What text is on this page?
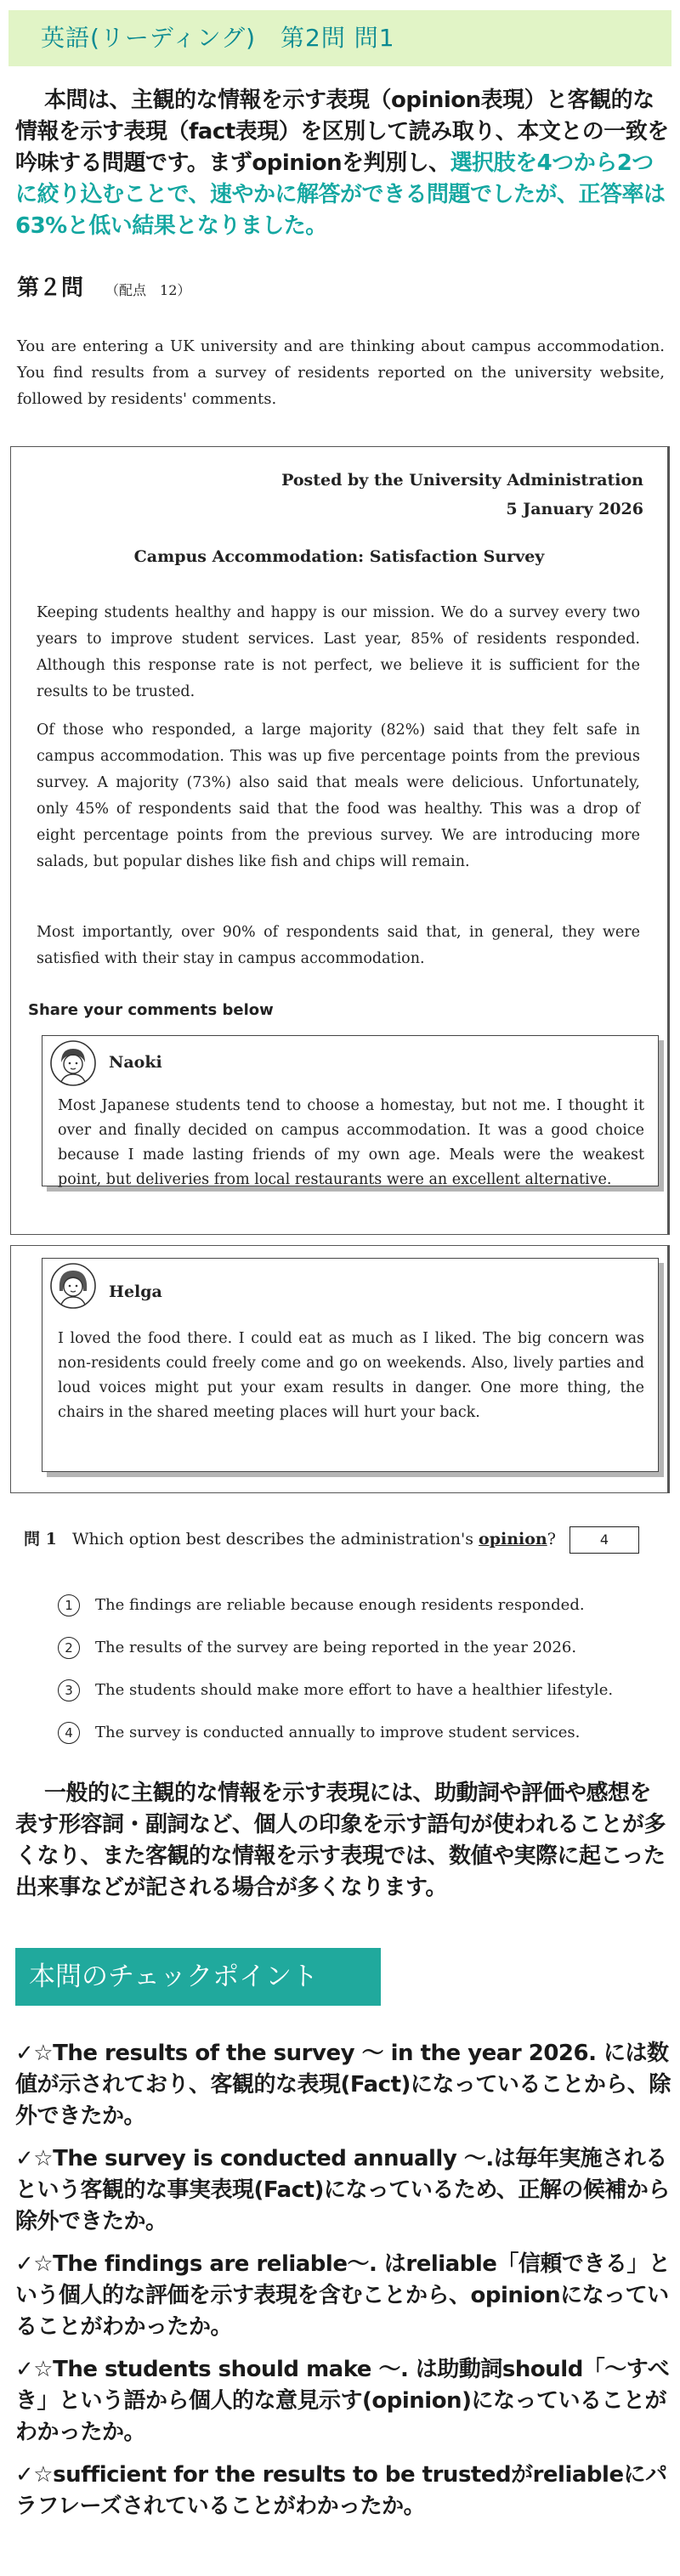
英語(リーディング)　第2問 問1

本問は、主観的な情報を示す表現（opinion表現）と客観的な情報を示す表現（fact表現）を区別して読み取り、本文との一致を吟味する問題です。まずopinionを判別し、選択肢を4つから2つに絞り込むことで、速やかに解答ができる問題でしたが、正答率は63%と低い結果となりました。

第２問 （配点　12）
You are entering a UK university and are thinking about campus accommodation. You find results from a survey of residents reported on the university website, followed by residents' comments.
Posted by the University Administration
5 January 2026
Campus Accommodation: Satisfaction Survey
Keeping students healthy and happy is our mission. We do a survey every two years to improve student services. Last year, 85% of residents responded. Although this response rate is not perfect, we believe it is sufficient for the results to be trusted.
Of those who responded, a large majority (82%) said that they felt safe in campus accommodation. This was up five percentage points from the previous survey. A majority (73%) also said that meals were delicious. Unfortunately, only 45% of respondents said that the food was healthy. This was a drop of eight percentage points from the previous survey. We are introducing more salads, but popular dishes like fish and chips will remain.
Most importantly, over 90% of respondents said that, in general, they were satisfied with their stay in campus accommodation.
Share your comments below
Naoki
Most Japanese students tend to choose a homestay, but not me. I thought it over and finally decided on campus accommodation. It was a good choice because I made lasting friends of my own age. Meals were the weakest point, but deliveries from local restaurants were an excellent alternative.
Helga
I loved the food there. I could eat as much as I liked. The big concern was non-residents could freely come and go on weekends. Also, lively parties and loud voices might put your exam results in danger. One more thing, the chairs in the shared meeting places will hurt your back.
問 1 Which option best describes the administration's opinion?	4
1 The findings are reliable because enough residents responded.
2 The results of the survey are being reported in the year 2026.
3 The students should make more effort to have a healthier lifestyle.
4 The survey is conducted annually to improve student services.

一般的に主観的な情報を示す表現には、助動詞や評価や感想を表す形容詞・副詞など、個人の印象を示す語句が使われることが多くなり、また客観的な情報を示す表現では、数値や実際に起こった出来事などが記される場合が多くなります。

本問のチェックポイント

✓☆The results of the survey ～ in the year 2026. には数値が示されており、客観的な表現(Fact)になっていることから、除外できたか。

✓☆The survey is conducted annually ～.は毎年実施されるという客観的な事実表現(Fact)になっているため、正解の候補から除外できたか。

✓☆The findings are reliable～. はreliable「信頼できる」という個人的な評価を示す表現を含むことから、opinionになっていることがわかったか。

✓☆The students should make ～. は助動詞should「～すべき」という語から個人的な意見示す(opinion)になっていることがわかったか。

✓☆sufficient for the results to be trustedがreliableにパラフレーズされていることがわかったか。
